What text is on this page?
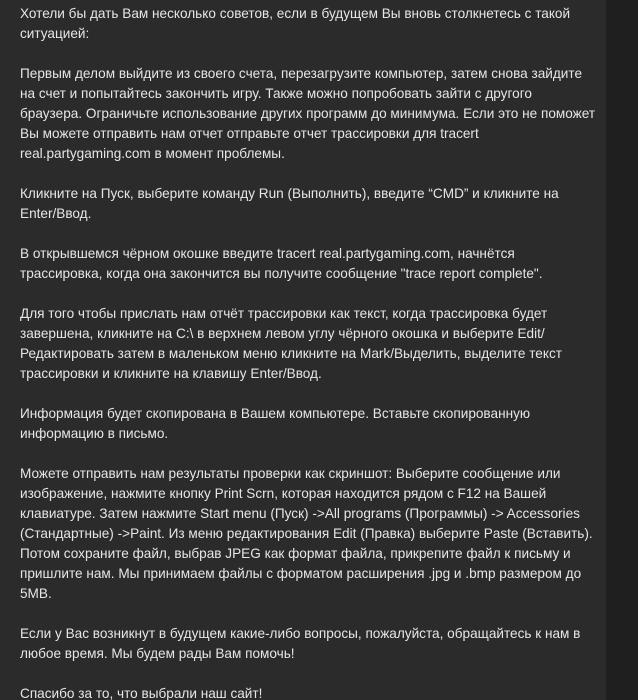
Хотели бы дать Вам несколько советов, если в будущем Вы вновь столкнетесь с такой ситуацией:

Первым делом выйдите из своего счета, перезагрузите компьютер, затем снова зайдите на счет и попытайтесь закончить игру. Также можно попробовать зайти с другого браузера. Ограничьте использование других программ до минимума. Если это не поможет Вы можете отправить нам отчет отправьте отчет трассировки для tracert real.partygaming.com в момент проблемы.

Кликните на Пуск, выберите команду Run (Выполнить), введите “CMD” и кликните на Enter/Ввод.

В открывшемся чёрном окошке введите tracert real.partygaming.com, начнётся трассировка, когда она закончится вы получите сообщение "trace report complete".

Для того чтобы прислать нам отчёт трассировки как текст, когда трассировка будет завершена, кликните на C:\ в верхнем левом углу чёрного окошка и выберите Edit/Редактировать затем в маленьком меню кликните на Mark/Выделить, выделите текст трассировки и кликните на клавишу Enter/Ввод.

Информация будет скопирована в Вашем компьютере. Вставьте скопированную информацию в письмо.

Можете отправить нам результаты проверки как скриншот: Выберите сообщение или изображение, нажмите кнопку Print Scrn, которая находится рядом с F12 на Вашей клавиатуре. Затем нажмите Start menu (Пуск) ->All programs (Программы) -> Accessories (Стандартные) ->Paint. Из меню редактирования Edit (Правка) выберите Paste (Вставить). Потом сохраните файл, выбрав JPEG как формат файла, прикрепите файл к письму и пришлите нам. Мы принимаем файлы с форматом расширения .jpg и .bmp размером до 5MB.

Если у Вас возникнут в будущем какие-либо вопросы, пожалуйста, обращайтесь к нам в любое время. Мы будем рады Вам помочь!

Спасибо за то, что выбрали наш сайт!
